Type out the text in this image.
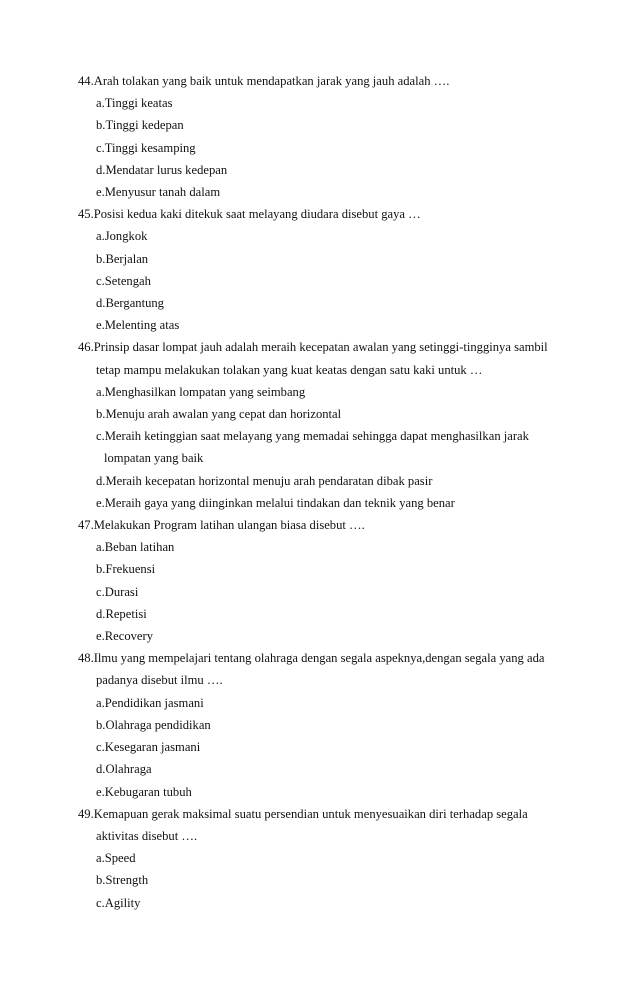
44.Arah tolakan yang baik untuk mendapatkan jarak yang jauh adalah ….
a.Tinggi keatas
b.Tinggi kedepan
c.Tinggi kesamping
d.Mendatar lurus kedepan
e.Menyusur tanah dalam
45.Posisi kedua kaki ditekuk saat melayang diudara disebut gaya …
a.Jongkok
b.Berjalan
c.Setengah
d.Bergantung
e.Melenting atas
46.Prinsip dasar lompat jauh adalah meraih kecepatan awalan yang setinggi-tingginya sambil
tetap mampu melakukan tolakan yang kuat keatas dengan satu kaki untuk …
a.Menghasilkan lompatan yang seimbang
b.Menuju arah awalan yang cepat dan horizontal
c.Meraih ketinggian saat melayang yang memadai sehingga dapat menghasilkan jarak
lompatan yang baik
d.Meraih kecepatan horizontal menuju arah pendaratan dibak pasir
e.Meraih gaya yang diinginkan melalui tindakan dan teknik yang benar
47.Melakukan Program latihan ulangan biasa disebut ….
a.Beban latihan
b.Frekuensi
c.Durasi
d.Repetisi
e.Recovery
48.Ilmu yang mempelajari tentang olahraga dengan segala aspeknya,dengan segala yang ada
padanya disebut ilmu ….
a.Pendidikan jasmani
b.Olahraga pendidikan
c.Kesegaran jasmani
d.Olahraga
e.Kebugaran tubuh
49.Kemapuan gerak maksimal suatu persendian untuk menyesuaikan diri terhadap segala
aktivitas disebut ….
a.Speed
b.Strength
c.Agility
